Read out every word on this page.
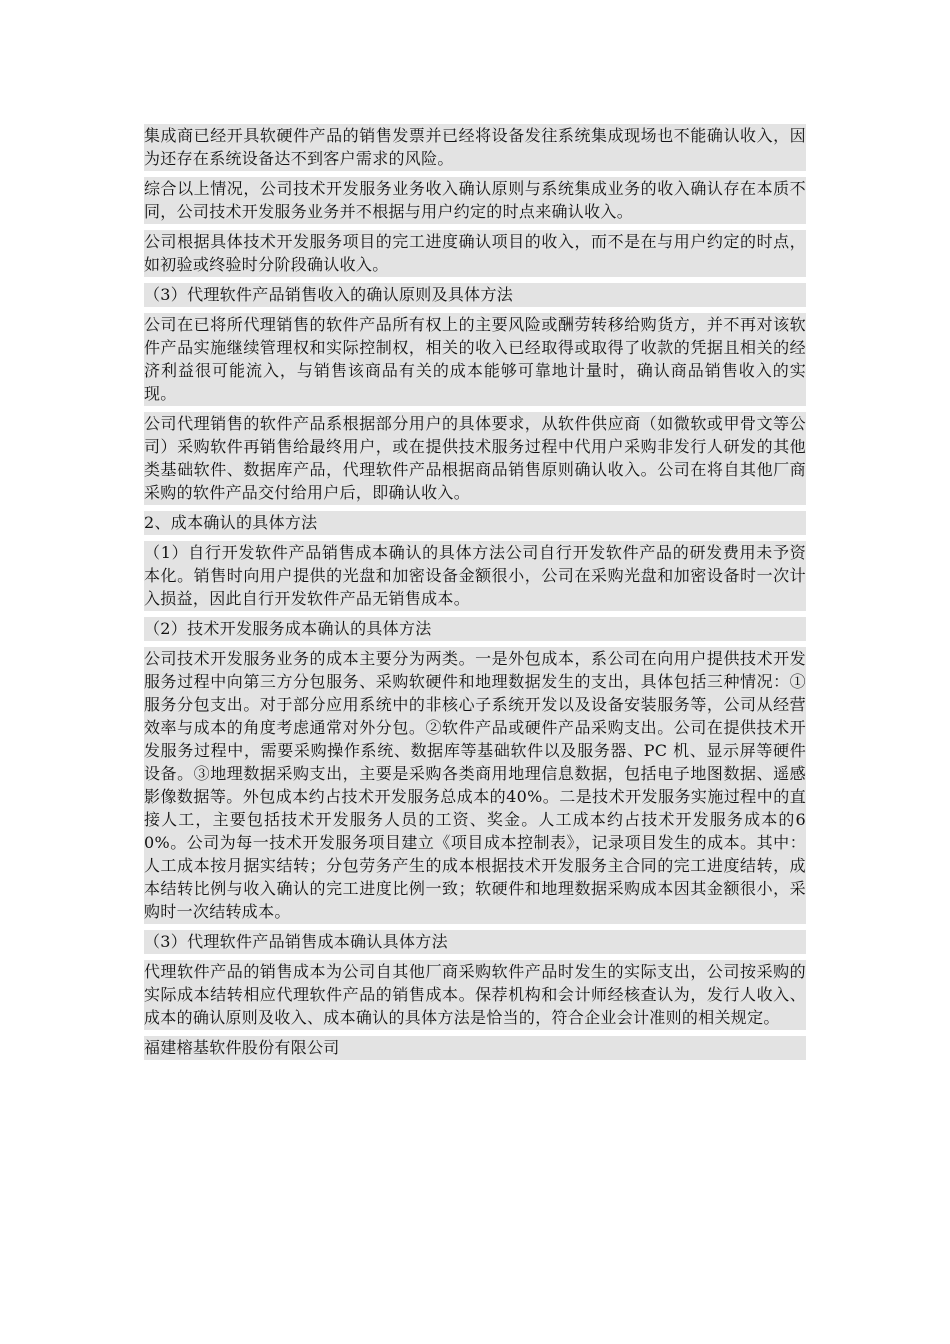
集成商已经开具软硬件产品的销售发票并已经将设备发往系统集成现场也不能确认收入，因为还存在系统设备达不到客户需求的风险。

综合以上情况，公司技术开发服务业务收入确认原则与系统集成业务的收入确认存在本质不同，公司技术开发服务业务并不根据与用户约定的时点来确认收入。

公司根据具体技术开发服务项目的完工进度确认项目的收入，而不是在与用户约定的时点，如初验或终验时分阶段确认收入。

（3）代理软件产品销售收入的确认原则及具体方法

公司在已将所代理销售的软件产品所有权上的主要风险或酬劳转移给购货方，并不再对该软件产品实施继续管理权和实际控制权，相关的收入已经取得或取得了收款的凭据且相关的经济利益很可能流入，与销售该商品有关的成本能够可靠地计量时，确认商品销售收入的实现。

公司代理销售的软件产品系根据部分用户的具体要求，从软件供应商（如微软或甲骨文等公司）采购软件再销售给最终用户，或在提供技术服务过程中代用户采购非发行人研发的其他类基础软件、数据库产品，代理软件产品根据商品销售原则确认收入。公司在将自其他厂商采购的软件产品交付给用户后，即确认收入。

2、成本确认的具体方法

（1）自行开发软件产品销售成本确认的具体方法公司自行开发软件产品的研发费用未予资本化。销售时向用户提供的光盘和加密设备金额很小，公司在采购光盘和加密设备时一次计入损益，因此自行开发软件产品无销售成本。

（2）技术开发服务成本确认的具体方法

公司技术开发服务业务的成本主要分为两类。一是外包成本，系公司在向用户提供技术开发服务过程中向第三方分包服务、采购软硬件和地理数据发生的支出，具体包括三种情况：①服务分包支出。对于部分应用系统中的非核心子系统开发以及设备安装服务等，公司从经营效率与成本的角度考虑通常对外分包。②软件产品或硬件产品采购支出。公司在提供技术开发服务过程中，需要采购操作系统、数据库等基础软件以及服务器、PC 机、显示屏等硬件设备。③地理数据采购支出，主要是采购各类商用地理信息数据，包括电子地图数据、遥感影像数据等。外包成本约占技术开发服务总成本的40%。二是技术开发服务实施过程中的直接人工，主要包括技术开发服务人员的工资、奖金。人工成本约占技术开发服务成本的60%。公司为每一技术开发服务项目建立《项目成本控制表》，记录项目发生的成本。其中：人工成本按月据实结转；分包劳务产生的成本根据技术开发服务主合同的完工进度结转，成本结转比例与收入确认的完工进度比例一致；软硬件和地理数据采购成本因其金额很小，采购时一次结转成本。

（3）代理软件产品销售成本确认具体方法

代理软件产品的销售成本为公司自其他厂商采购软件产品时发生的实际支出，公司按采购的实际成本结转相应代理软件产品的销售成本。保荐机构和会计师经核查认为，发行人收入、成本的确认原则及收入、成本确认的具体方法是恰当的，符合企业会计准则的相关规定。

福建榕基软件股份有限公司
